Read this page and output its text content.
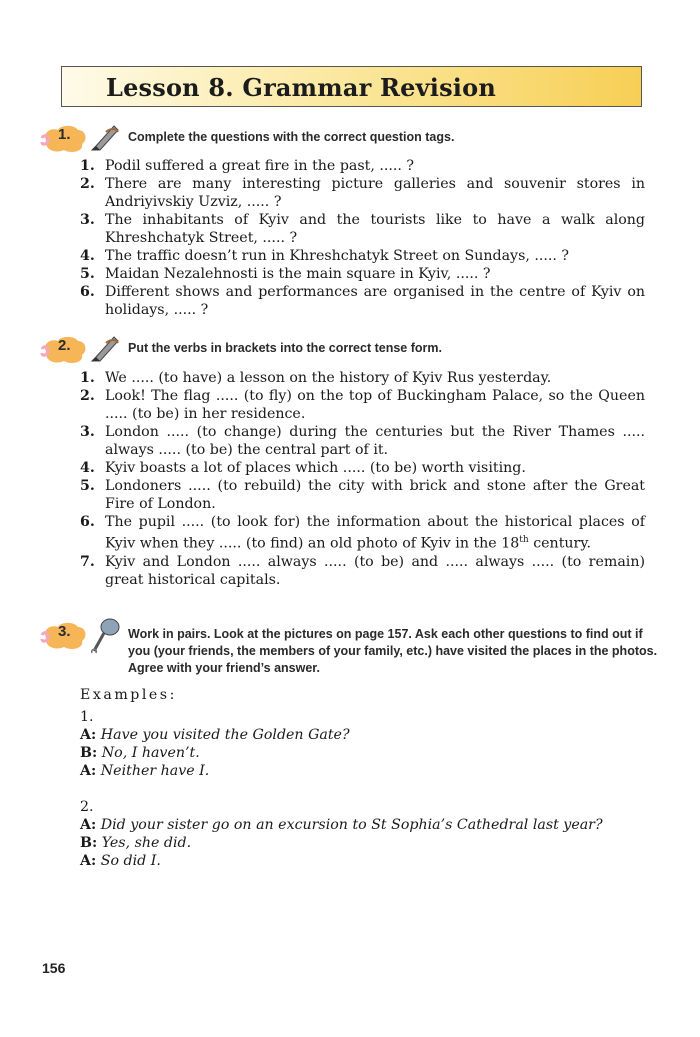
Lesson 8. Grammar Revision
1.	Complete the questions with the correct question tags.
1. Podil suffered a great fire in the past, ..... ?
2. There are many interesting picture galleries and souvenir stores in Andriyivskiy Uzviz, ..... ?
3. The inhabitants of Kyiv and the tourists like to have a walk along Khreshchatyk Street, ..... ?
4. The traffic doesn’t run in Khreshchatyk Street on Sundays, ..... ?
5. Maidan Nezalehnosti is the main square in Kyiv, ..... ?
6. Different shows and performances are organised in the centre of Kyiv on holidays, ..... ?
2.	Put the verbs in brackets into the correct tense form.
1. We ..... (to have) a lesson on the history of Kyiv Rus yesterday.
2. Look! The flag ..... (to fly) on the top of Buckingham Palace, so the Queen ..... (to be) in her residence.
3. London ..... (to change) during the centuries but the River Thames ..... always ..... (to be) the central part of it.
4. Kyiv boasts a lot of places which ..... (to be) worth visiting.
5. Londoners ..... (to rebuild) the city with brick and stone after the Great Fire of London.
6. The pupil ..... (to look for) the information about the historical places of Kyiv when they ..... (to find) an old photo of Kyiv in the 18th century.
7. Kyiv and London ..... always ..... (to be) and ..... always ..... (to remain) great historical capitals.
3.	Work in pairs. Look at the pictures on page 157. Ask each other questions to find out if you (your friends, the members of your family, etc.) have visited the places in the photos. Agree with your friend’s answer.
Examples:
1.
A: Have you visited the Golden Gate?
B: No, I haven’t.
A: Neither have I.
2.
A: Did your sister go on an excursion to St Sophia’s Cathedral last year?
B: Yes, she did.
A: So did I.
156
